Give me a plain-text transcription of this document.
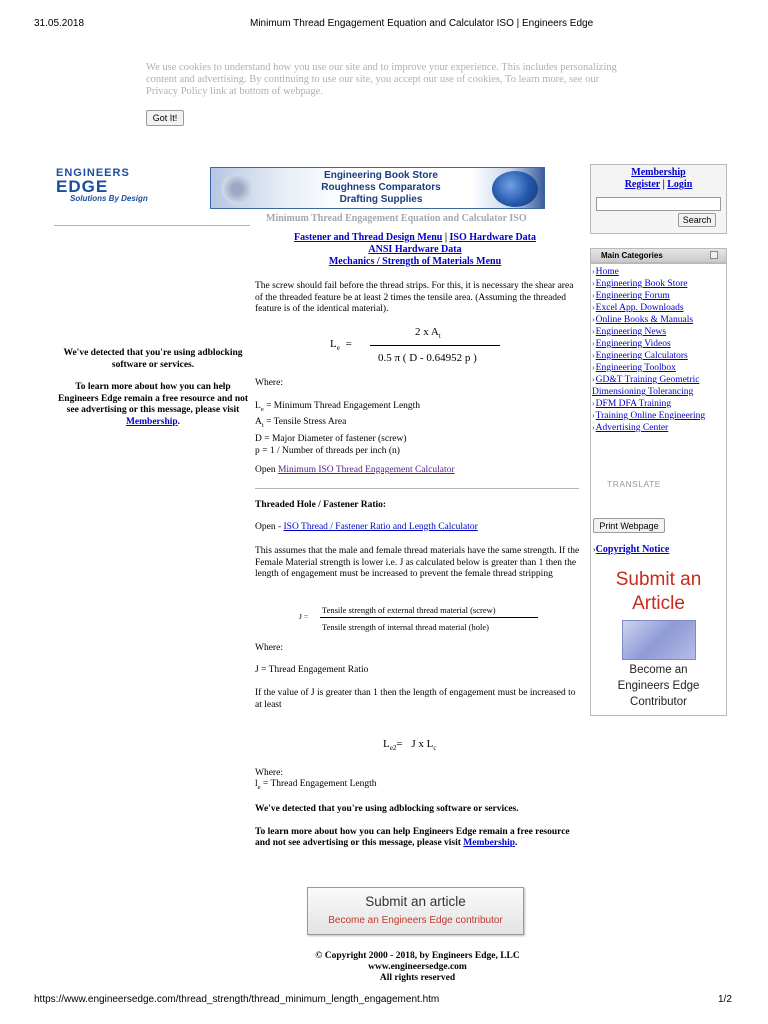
31.05.2018	Minimum Thread Engagement Equation and Calculator ISO | Engineers Edge
We use cookies to understand how you use our site and to improve your experience. This includes personalizing content and advertising. By continuing to use our site, you accept our use of cookies, To learn more, see our Privacy Policy link at bottom of webpage.
Got It!
ENGINEERS
EDGE
Solutions By Design
Engineering Book Store
Roughness Comparators
Drafting Supplies
Minimum Thread Engagement Equation and Calculator ISO
Fastener and Thread Design Menu | ISO Hardware Data
ANSI Hardware Data
Mechanics / Strength of Materials Menu
The screw should fail before the thread strips. For this, it is necessary the shear area of the threaded feature be at least 2 times the tensile area. (Assuming the threaded feature is of the identical material).
$L_e$ =
2 x $A_t$
0.5 π ( D - 0.64952 p )
Where:
$L_e$ = Minimum Thread Engagement Length
$A_t$ = Tensile Stress Area
D = Major Diameter of fastener (screw)
p = 1 / Number of threads per inch (n)
Open Minimum ISO Thread Engagement Calculator
Threaded Hole / Fastener Ratio:
Open - ISO Thread / Fastener Ratio and Length Calculator
This assumes that the male and female thread materials have the same strength. If the Female Material strength is lower i.e. J as calculated below is greater than 1 then the length of engagement must be increased to prevent the female thread stripping
J =
Tensile strength of external thread material (screw)
Tensile strength of internal thread material (hole)
Where:
J = Thread Engagement Ratio
If the value of J is greater than 1 then the length of engagement must be increased to at least
$L_{e2}= J$ x $L_c$
Where:
$l_e$ = Thread Engagement Length
We've detected that you're using adblocking software or services.
To learn more about how you can help Engineers Edge remain a free resource and not see advertising or this message, please visit Membership.
We've detected that you're using adblocking software or services.
To learn more about how you can help Engineers Edge remain a free resource and not see advertising or this message, please visit Membership.
Submit an article
Become an Engineers Edge contributor
© Copyright 2000 - 2018, by Engineers Edge, LLC
www.engineersedge.com
All rights reserved
Membership
Register | Login
Search
Main Categories
›Home
›Engineering Book Store
›Engineering Forum
›Excel App. Downloads
›Online Books & Manuals
›Engineering News
›Engineering Videos
›Engineering Calculators
›Engineering Toolbox
›GD&T Training Geometric Dimensioning Tolerancing
›DFM DFA Training
›Training Online Engineering
›Advertising Center
TRANSLATE
Print Webpage
›Copyright Notice
Submit an
Article
Become an
Engineers Edge
Contributor
https://www.engineersedge.com/thread_strength/thread_minimum_length_engagement.htm	1/2
